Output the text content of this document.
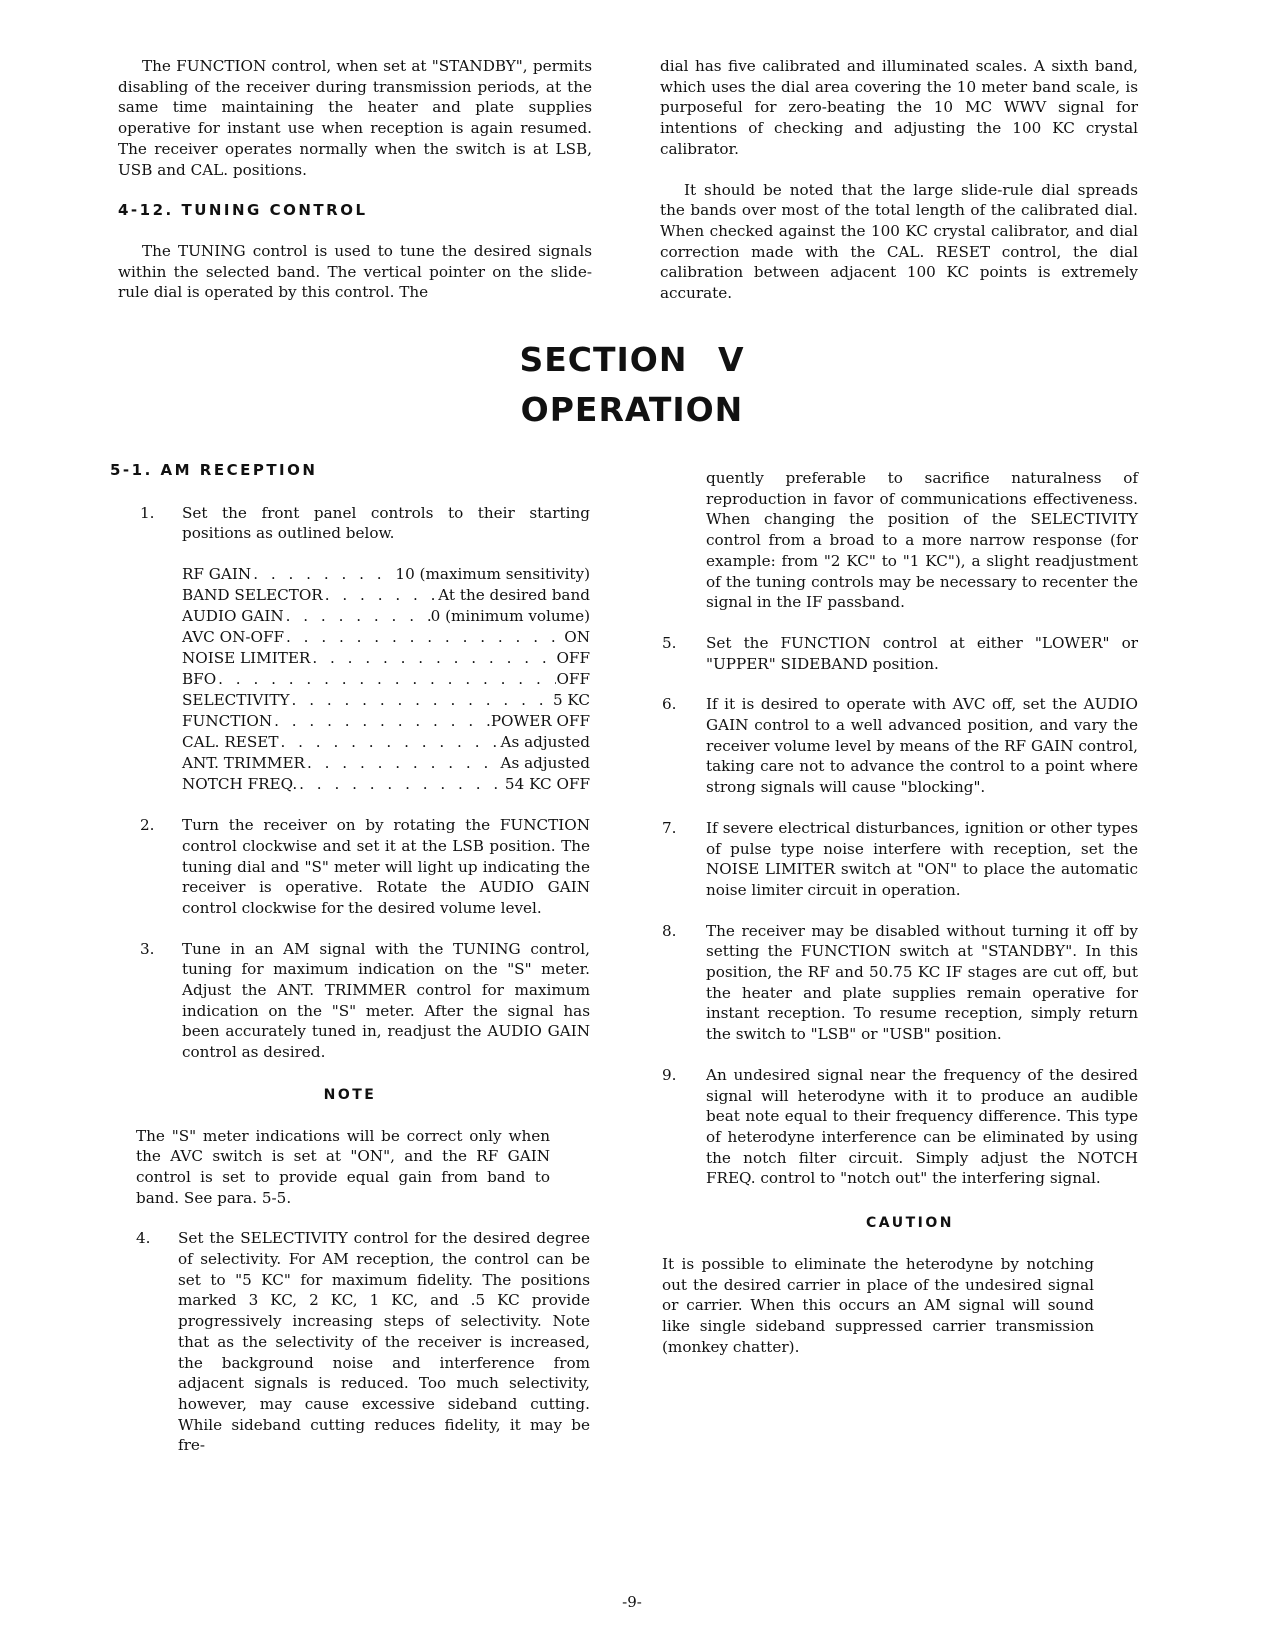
The FUNCTION control, when set at "STANDBY", permits disabling of the receiver during transmission periods, at the same time maintaining the heater and plate supplies operative for instant use when reception is again resumed. The receiver operates normally when the switch is at LSB, USB and CAL. positions.

4-12. TUNING CONTROL

The TUNING control is used to tune the desired signals within the selected band. The vertical pointer on the slide-rule dial is operated by this control. The

dial has five calibrated and illuminated scales. A sixth band, which uses the dial area covering the 10 meter band scale, is purposeful for zero-beating the 10 MC WWV signal for intentions of checking and adjusting the 100 KC crystal calibrator.

It should be noted that the large slide-rule dial spreads the bands over most of the total length of the calibrated dial. When checked against the 100 KC crystal calibrator, and dial correction made with the CAL. RESET control, the dial calibration between adjacent 100 KC points is extremely accurate.

SECTION V
OPERATION
5-1. AM RECEPTION
1. Set the front panel controls to their starting positions as outlined below.
RF GAIN . . .	10 (maximum sensitivity)
BAND SELECTOR . . .	At the desired band
AUDIO GAIN . . .	0 (minimum volume)
AVC ON-OFF . . .	ON
NOISE LIMITER . . .	OFF
BFO . . .	OFF
SELECTIVITY . . .	5 KC
FUNCTION . . .	POWER OFF
CAL. RESET . . .	As adjusted
ANT. TRIMMER . . .	As adjusted
NOTCH FREQ. . . .	54 KC OFF
2. Turn the receiver on by rotating the FUNCTION control clockwise and set it at the LSB position. The tuning dial and "S" meter will light up indicating the receiver is operative. Rotate the AUDIO GAIN control clockwise for the desired volume level.
3. Tune in an AM signal with the TUNING control, tuning for maximum indication on the "S" meter. Adjust the ANT. TRIMMER control for maximum indication on the "S" meter. After the signal has been accurately tuned in, readjust the AUDIO GAIN control as desired.
NOTE

The "S" meter indications will be correct only when the AVC switch is set at "ON", and the RF GAIN control is set to provide equal gain from band to band. See para. 5-5.

4. Set the SELECTIVITY control for the desired degree of selectivity. For AM reception, the control can be set to "5 KC" for maximum fidelity. The positions marked 3 KC, 2 KC, 1 KC, and .5 KC provide progressively increasing steps of selectivity. Note that as the selectivity of the receiver is increased, the background noise and interference from adjacent signals is reduced. Too much selectivity, however, may cause excessive sideband cutting. While sideband cutting reduces fidelity, it may be fre-

quently preferable to sacrifice naturalness of reproduction in favor of communications effectiveness. When changing the position of the SELECTIVITY control from a broad to a more narrow response (for example: from "2 KC" to "1 KC"), a slight readjustment of the tuning controls may be necessary to recenter the signal in the IF passband.

5. Set the FUNCTION control at either "LOWER" or "UPPER" SIDEBAND position.
6. If it is desired to operate with AVC off, set the AUDIO GAIN control to a well advanced position, and vary the receiver volume level by means of the RF GAIN control, taking care not to advance the control to a point where strong signals will cause "blocking".
7. If severe electrical disturbances, ignition or other types of pulse type noise interfere with reception, set the NOISE LIMITER switch at "ON" to place the automatic noise limiter circuit in operation.
8. The receiver may be disabled without turning it off by setting the FUNCTION switch at "STANDBY". In this position, the RF and 50.75 KC IF stages are cut off, but the heater and plate supplies remain operative for instant reception. To resume reception, simply return the switch to "LSB" or "USB" position.
9. An undesired signal near the frequency of the desired signal will heterodyne with it to produce an audible beat note equal to their frequency difference. This type of heterodyne interference can be eliminated by using the notch filter circuit. Simply adjust the NOTCH FREQ. control to "notch out" the interfering signal.
CAUTION

It is possible to eliminate the heterodyne by notching out the desired carrier in place of the undesired signal or carrier. When this occurs an AM signal will sound like single sideband suppressed carrier transmission (monkey chatter).

-9-
